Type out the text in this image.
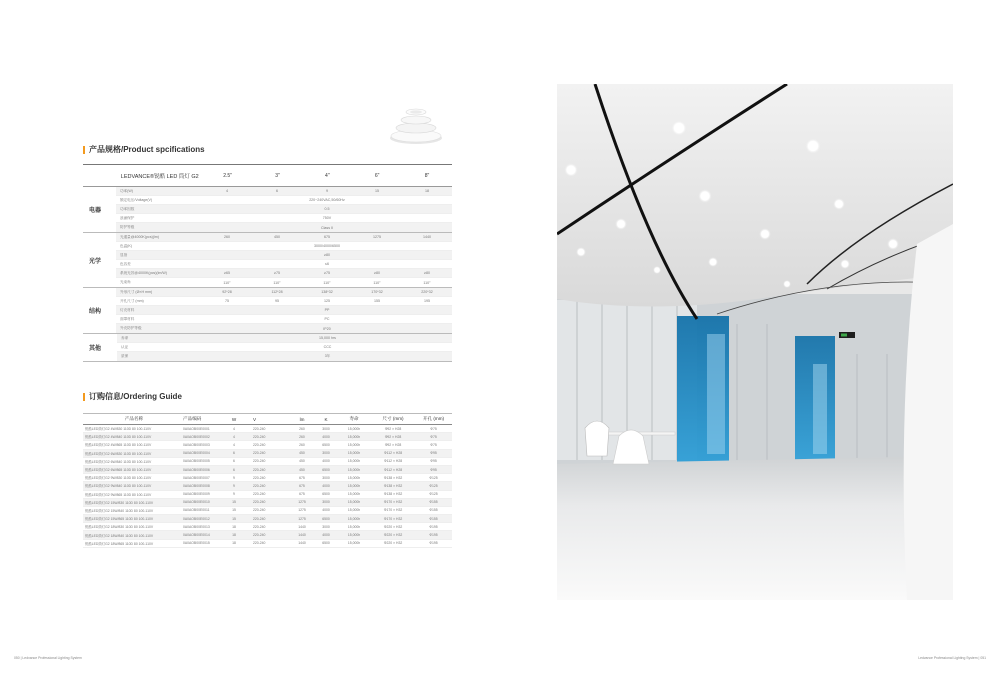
产品规格/Product spcifications
LEDVANCE®锐酷 LED 筒灯 G2	2.5"	3"	4"	6"	8"
电器
功率(W)	4	6	9	15	18
额定电压/Voltage(V)	220~240VAC,50/60Hz
功率因数	0.5
浪涌保护	750V
防护等级	Class II
光学
光通量@4000K(pcs)(lm)	260	450	675	1275	1440
色温(K)	3000/4000/6500
显指	≥80
色容差	≤6
系统光效@4000K(pcs)(lm/W)	≥65	≥75	≥75	≥80	≥80
光束角	110°	110°	110°	110°	110°
结构
外形尺寸 (Ø×H mm)	92*28	112*28	138*32	170*32	220*32
开孔尺寸 (mm)	75	95	125	155	195
灯壳材料	PP
面罩材料	PC
外壳防护等级	IP20
其他
寿命	15,000 hrs
认证	CCC
质保	3年
订购信息/Ordering Guide
产品名称	产品编码	W	V	lm	K	寿命	尺寸 (mm)	开孔 (mm)
锐酷LED筒灯G2 4W/830 110D 80 100-110V	0A0AOB00E0001	4	220-240	260	3000	15,000h	Φ92 × H28	Φ75
锐酷LED筒灯G2 4W/840 110D 80 100-110V	0A0AOB00E0002	4	220-240	260	4000	15,000h	Φ92 × H28	Φ75
锐酷LED筒灯G2 4W/865 110D 80 100-110V	0A0AOB00E0003	4	220-240	260	6500	15,000h	Φ92 × H28	Φ75
锐酷LED筒灯G2 6W/830 110D 80 100-110V	0A0AOB00E0004	6	220-240	450	3000	15,000h	Φ112 × H28	Φ95
锐酷LED筒灯G2 6W/840 110D 80 100-110V	0A0AOB00E0005	6	220-240	450	4000	15,000h	Φ112 × H28	Φ95
锐酷LED筒灯G2 6W/865 110D 80 100-110V	0A0AOB00E0006	6	220-240	450	6500	15,000h	Φ112 × H28	Φ95
锐酷LED筒灯G2 9W/830 110D 80 100-110V	0A0AOB00E0007	9	220-240	675	3000	15,000h	Φ138 × H32	Φ125
锐酷LED筒灯G2 9W/840 110D 80 100-110V	0A0AOB00E0008	9	220-240	675	4000	15,000h	Φ138 × H32	Φ125
锐酷LED筒灯G2 9W/865 110D 80 100-110V	0A0AOB00E0009	9	220-240	675	6500	15,000h	Φ138 × H32	Φ125
锐酷LED筒灯G2 15W/830 110D 80 100-110V	0A0AOB00E0010	15	220-240	1275	3000	15,000h	Φ170 × H32	Φ155
锐酷LED筒灯G2 15W/840 110D 80 100-110V	0A0AOB00E0011	15	220-240	1275	4000	15,000h	Φ170 × H32	Φ155
锐酷LED筒灯G2 15W/865 110D 80 100-110V	0A0AOB00E0012	15	220-240	1275	6500	15,000h	Φ170 × H32	Φ155
锐酷LED筒灯G2 18W/830 110D 80 100-110V	0A0AOB00E0013	18	220-240	1440	3000	15,000h	Φ220 × H32	Φ195
锐酷LED筒灯G2 18W/840 110D 80 100-110V	0A0AOB00E0014	18	220-240	1440	4000	15,000h	Φ220 × H32	Φ195
锐酷LED筒灯G2 18W/865 110D 80 100-110V	0A0AOB00E0015	18	220-240	1440	6500	15,000h	Φ220 × H32	Φ195
050 | Ledvance Professional Lighting System	Ledvance Professional Lighting System | 051
